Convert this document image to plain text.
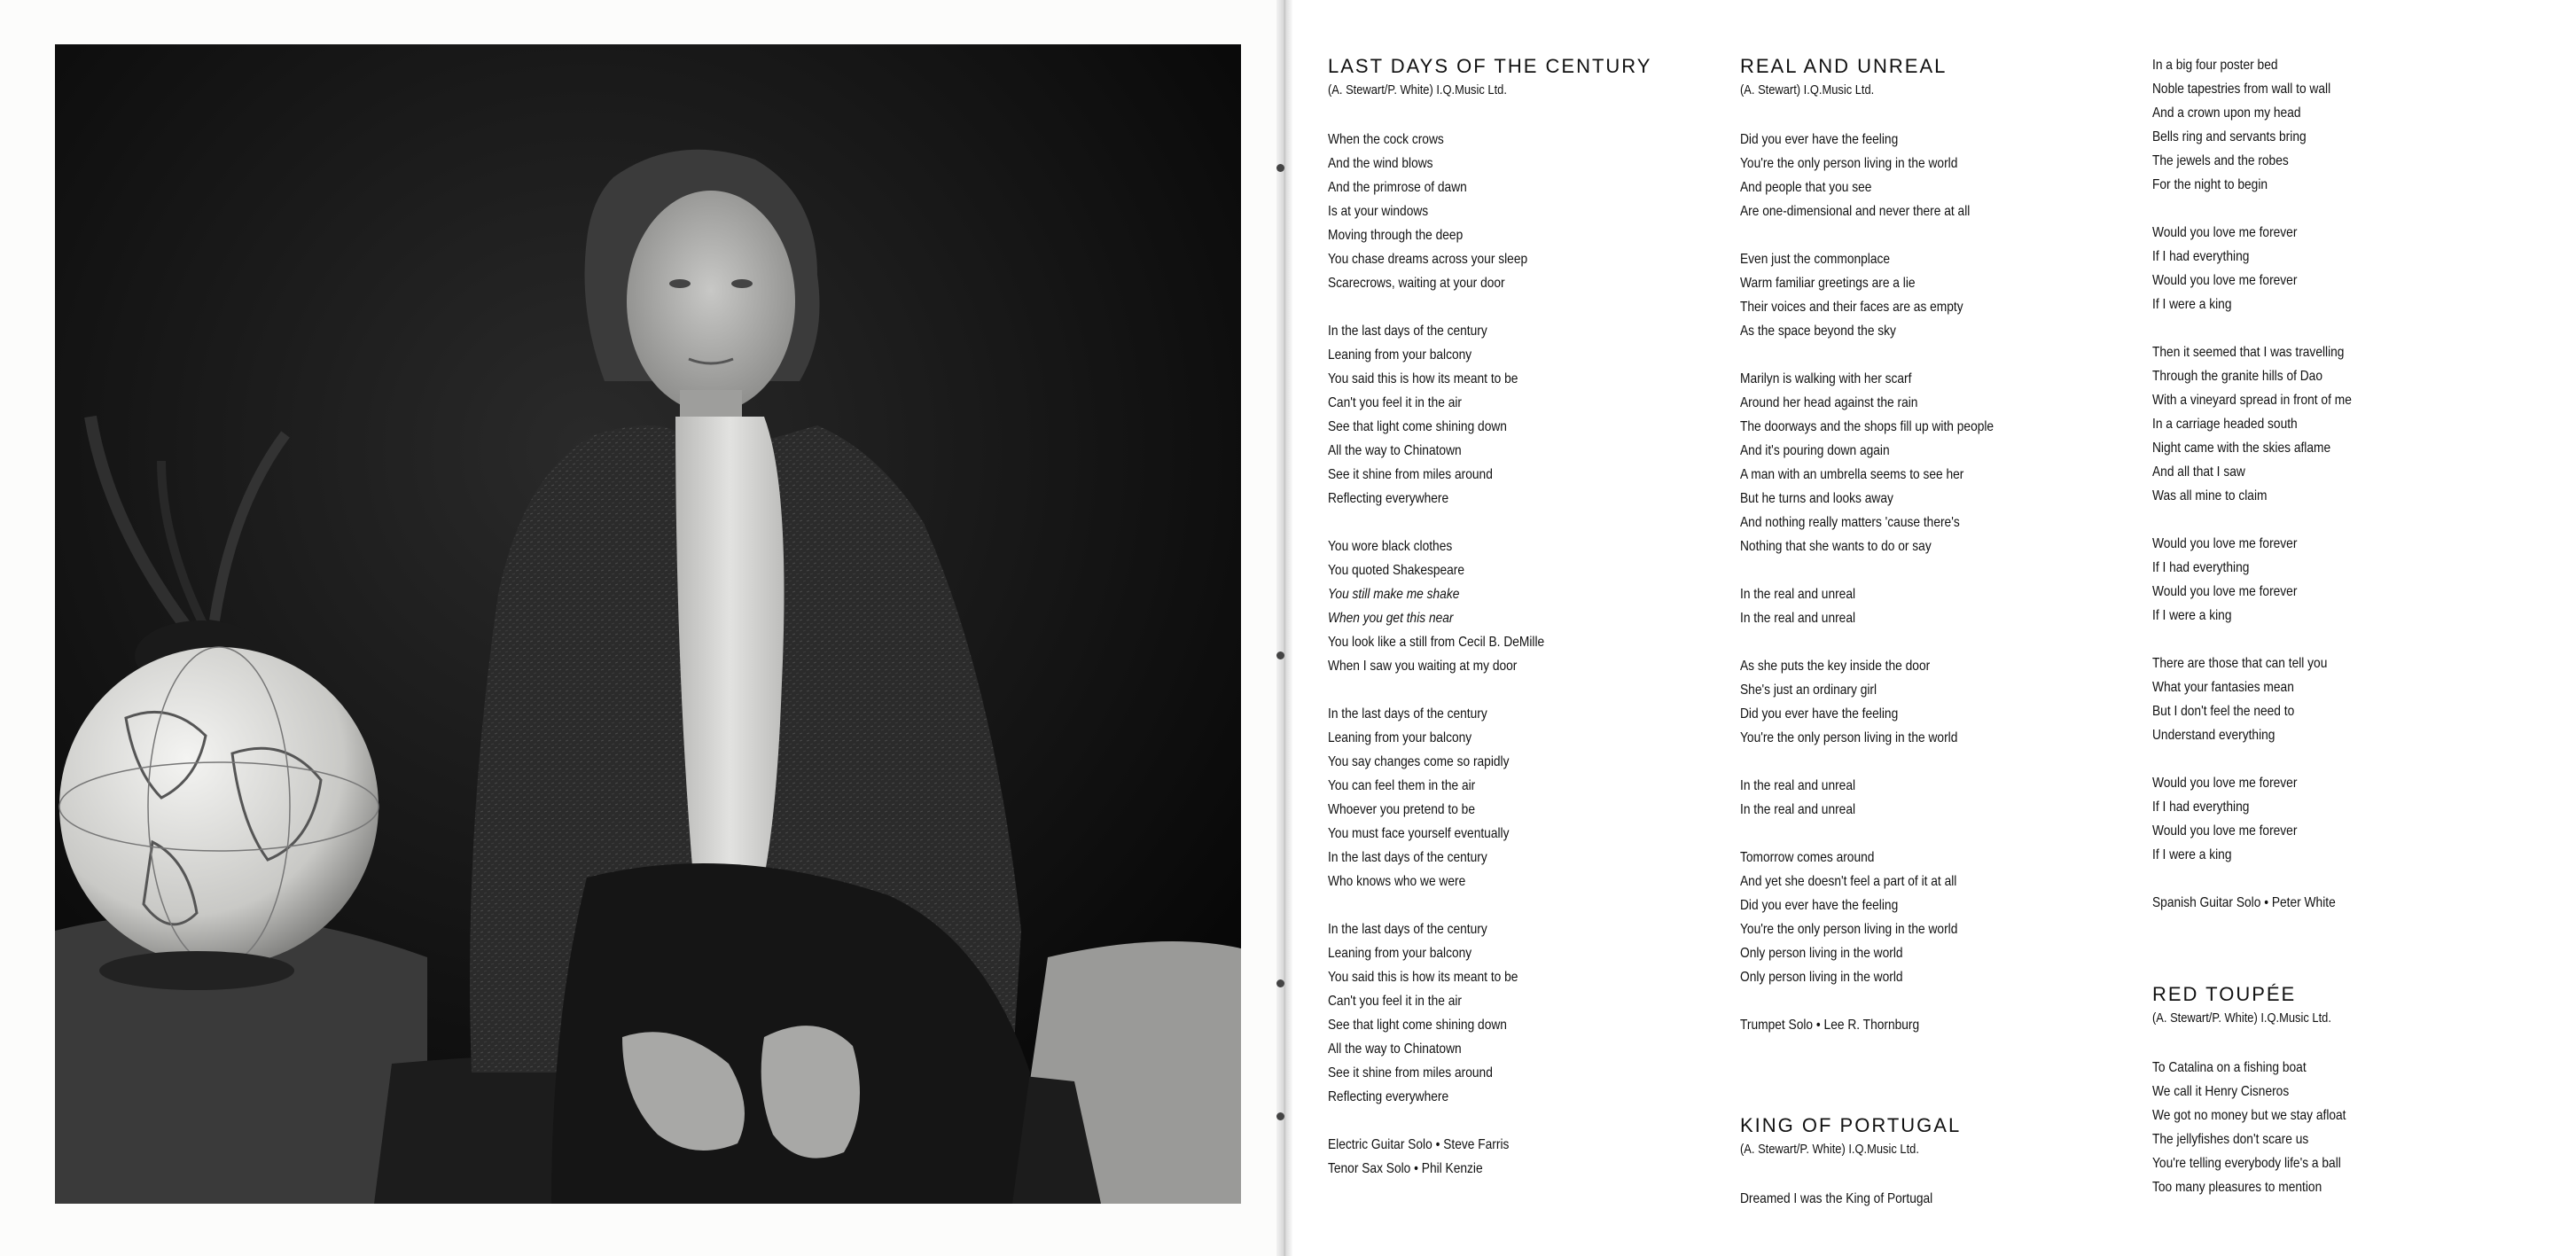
LAST DAYS OF THE CENTURY

(A. Stewart/P. White) I.Q.Music Ltd.

When the cock crows
And the wind blows
And the primrose of dawn
Is at your windows
Moving through the deep
You chase dreams across your sleep
Scarecrows, waiting at your door
In the last days of the century
Leaning from your balcony
You said this is how its meant to be
Can't you feel it in the air
See that light come shining down
All the way to Chinatown
See it shine from miles around
Reflecting everywhere
You wore black clothes
You quoted Shakespeare
You still make me shake
When you get this near
You look like a still from Cecil B. DeMille
When I saw you waiting at my door
In the last days of the century
Leaning from your balcony
You say changes come so rapidly
You can feel them in the air
Whoever you pretend to be
You must face yourself eventually
In the last days of the century
Who knows who we were
In the last days of the century
Leaning from your balcony
You said this is how its meant to be
Can't you feel it in the air
See that light come shining down
All the way to Chinatown
See it shine from miles around
Reflecting everywhere
Electric Guitar Solo • Steve Farris
Tenor Sax Solo • Phil Kenzie
REAL AND UNREAL

(A. Stewart) I.Q.Music Ltd.

Did you ever have the feeling
You're the only person living in the world
And people that you see
Are one-dimensional and never there at all
Even just the commonplace
Warm familiar greetings are a lie
Their voices and their faces are as empty
As the space beyond the sky
Marilyn is walking with her scarf
Around her head against the rain
The doorways and the shops fill up with people
And it's pouring down again
A man with an umbrella seems to see her
But he turns and looks away
And nothing really matters 'cause there's
Nothing that she wants to do or say
In the real and unreal
In the real and unreal
As she puts the key inside the door
She's just an ordinary girl
Did you ever have the feeling
You're the only person living in the world
In the real and unreal
In the real and unreal
Tomorrow comes around
And yet she doesn't feel a part of it at all
Did you ever have the feeling
You're the only person living in the world
Only person living in the world
Only person living in the world
Trumpet Solo • Lee R. Thornburg
KING OF PORTUGAL

(A. Stewart/P. White) I.Q.Music Ltd.

Dreamed I was the King of Portugal
In a big four poster bed
Noble tapestries from wall to wall
And a crown upon my head
Bells ring and servants bring
The jewels and the robes
For the night to begin
Would you love me forever
If I had everything
Would you love me forever
If I were a king
Then it seemed that I was travelling
Through the granite hills of Dao
With a vineyard spread in front of me
In a carriage headed south
Night came with the skies aflame
And all that I saw
Was all mine to claim
Would you love me forever
If I had everything
Would you love me forever
If I were a king
There are those that can tell you
What your fantasies mean
But I don't feel the need to
Understand everything
Would you love me forever
If I had everything
Would you love me forever
If I were a king
Spanish Guitar Solo • Peter White
RED TOUPÉE

(A. Stewart/P. White) I.Q.Music Ltd.

To Catalina on a fishing boat
We call it Henry Cisneros
We got no money but we stay afloat
The jellyfishes don't scare us
You're telling everybody life's a ball
Too many pleasures to mention
